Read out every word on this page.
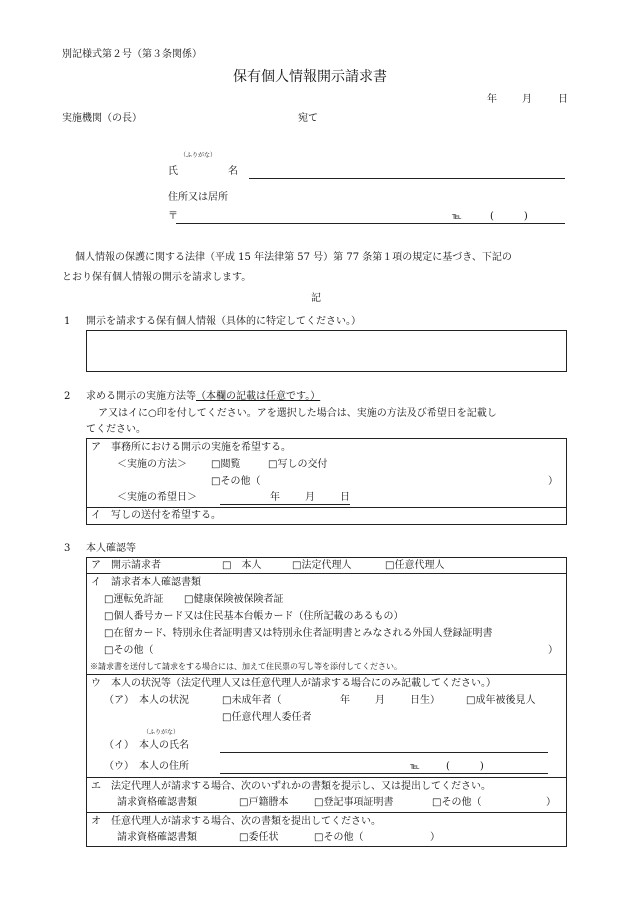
別記様式第２号（第３条関係）
保有個人情報開示請求書
年	月	日
実施機関（の長）	宛て
（ふりがな）
氏	名
住所又は居所
〒	℡	(　　　)
個人情報の保護に関する法律（平成 15 年法律第 57 号）第 77 条第１項の規定に基づき、下記の
とおり保有個人情報の開示を請求します。
記
1 開示を請求する保有個人情報（具体的に特定してください。）
2 求める開示の実施方法等（本欄の記載は任意です。）
ア又はイに○印を付してください。アを選択した場合は、実施の方法及び希望日を記載し
てください。
ア　事務所における開示の実施を希望する。
＜実施の方法＞ □閲覧	□写しの交付
□その他（	）
＜実施の希望日＞	年	月	日
イ　写しの送付を希望する。
3 本人確認等
ア　開示請求者	□　本人	□法定代理人	□任意代理人
イ　請求者本人確認書類
□運転免許証 □健康保険被保険者証
□個人番号カード又は住民基本台帳カード（住所記載のあるもの）
□在留カード、特別永住者証明書又は特別永住者証明書とみなされる外国人登録証明書
□その他（	）
※請求書を送付して請求をする場合には、加えて住民票の写し等を添付してください。
ウ　本人の状況等（法定代理人又は任意代理人が請求する場合にのみ記載してください。）
（ア）　本人の状況	□未成年者（	年	月	日生）	□成年被後見人
□任意代理人委任者
（ふりがな）
（イ）　本人の氏名
（ウ）　本人の住所	℡	(　　　)
エ　法定代理人が請求する場合、次のいずれかの書類を提示し、又は提出してください。
請求資格確認書類	□戸籍謄本	□登記事項証明書	□その他（	）
オ　任意代理人が請求する場合、次の書類を提出してください。
請求資格確認書類	□委任状	□その他（	）
